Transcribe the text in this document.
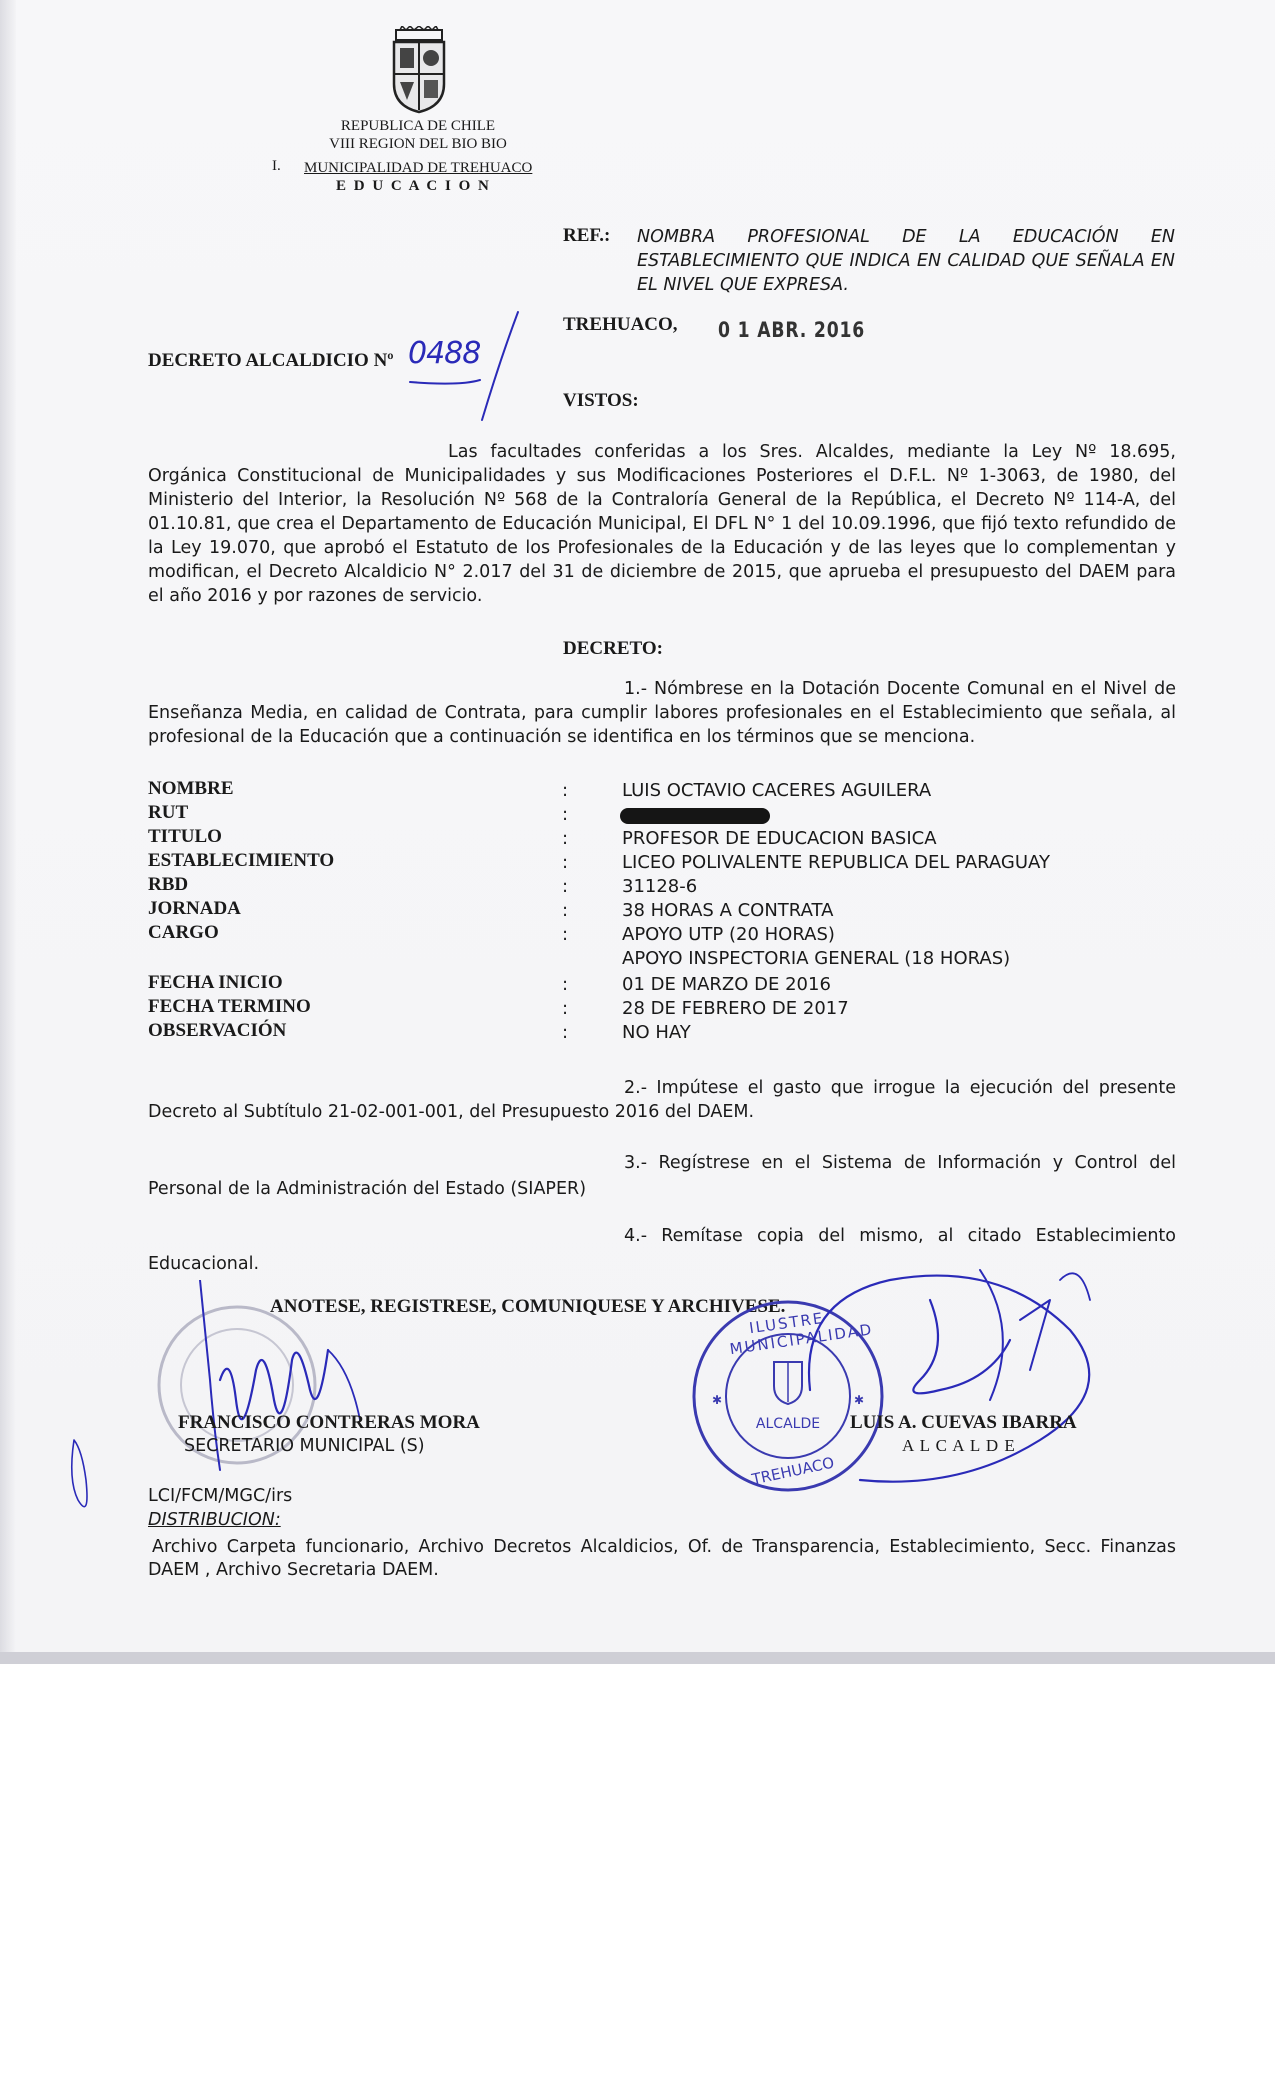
REPUBLICA DE CHILE
VIII REGION DEL BIO BIO
I. MUNICIPALIDAD DE TREHUACO
E D U C A C I O N
REF.: NOMBRA PROFESIONAL DE LA EDUCACIÓN EN ESTABLECIMIENTO QUE INDICA EN CALIDAD QUE SEÑALA EN EL NIVEL QUE EXPRESA.
TREHUACO, 0 1 ABR. 2016
DECRETO ALCALDICIO Nº 0488
VISTOS:
Las facultades conferidas a los Sres. Alcaldes, mediante la Ley Nº 18.695, Orgánica Constitucional de Municipalidades y sus Modificaciones Posteriores el D.F.L. Nº 1-3063, de 1980, del Ministerio del Interior, la Resolución Nº 568 de la Contraloría General de la República, el Decreto Nº 114-A, del 01.10.81, que crea el Departamento de Educación Municipal, El DFL N° 1 del 10.09.1996, que fijó texto refundido de la Ley 19.070, que aprobó el Estatuto de los Profesionales de la Educación y de las leyes que lo complementan y modifican, el Decreto Alcaldicio N° 2.017 del 31 de diciembre de 2015, que aprueba el presupuesto del DAEM para el año 2016 y por razones de servicio.
DECRETO:
1.- Nómbrese en la Dotación Docente Comunal en el Nivel de Enseñanza Media, en calidad de Contrata, para cumplir labores profesionales en el Establecimiento que señala, al profesional de la Educación que a continuación se identifica en los términos que se menciona.
NOMBRE	:	LUIS OCTAVIO CACERES AGUILERA
RUT	:
TITULO	:	PROFESOR DE EDUCACION BASICA
ESTABLECIMIENTO	:	LICEO POLIVALENTE REPUBLICA DEL PARAGUAY
RBD	:	31128-6
JORNADA	:	38 HORAS A CONTRATA
CARGO	:	APOYO UTP (20 HORAS)
APOYO INSPECTORIA GENERAL (18 HORAS)
FECHA INICIO	:	01 DE MARZO DE 2016
FECHA TERMINO	:	28 DE FEBRERO DE 2017
OBSERVACIÓN	:	NO HAY
2.- Impútese el gasto que irrogue la ejecución del presente Decreto al Subtítulo 21-02-001-001, del Presupuesto 2016 del DAEM.
3.- Regístrese en el Sistema de Información y Control del Personal de la Administración del Estado (SIAPER)
4.- Remítase copia del mismo, al citado Establecimiento Educacional.
ANOTESE, REGISTRESE, COMUNIQUESE Y ARCHIVESE.
FRANCISCO CONTRERAS MORA
SECRETARIO MUNICIPAL (S)
✱	✱
ILUSTRE MUNICIPALIDAD
ALCALDE
TREHUACO
LUIS A. CUEVAS IBARRA
A L C A L D E
LCI/FCM/MGC/irs
DISTRIBUCION:
Archivo Carpeta funcionario, Archivo Decretos Alcaldicios, Of. de Transparencia, Establecimiento, Secc. Finanzas DAEM , Archivo Secretaria DAEM.
